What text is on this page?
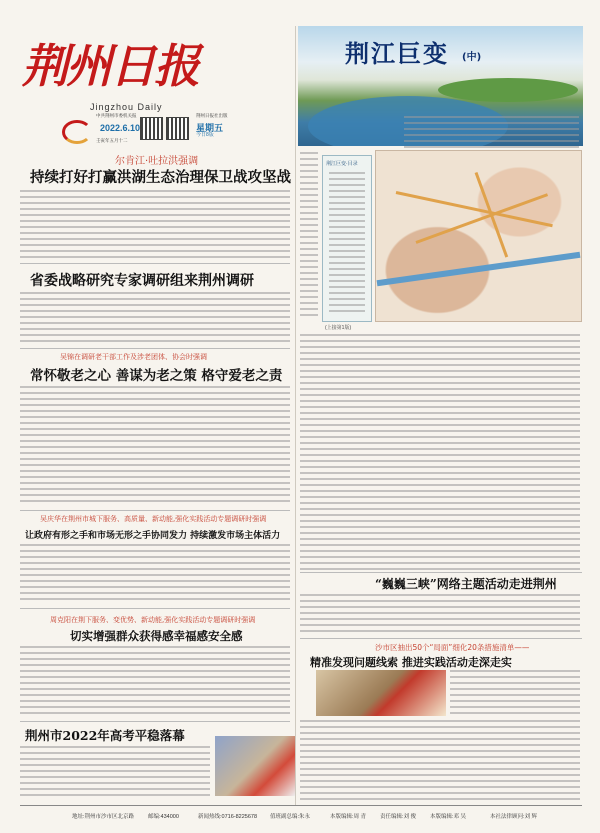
荆州日报
Jingzhou Daily
中共荆州市委机关报
壬寅年五月十二
2022.6.10
荆州日报社出版
星期五
今日8版
尔肯江·吐拉洪强调
持续打好打赢洪湖生态治理保卫战攻坚战
省委战略研究专家调研组来荆州调研
吴锦在调研老干部工作及涉老团体、协会时强调
常怀敬老之心 善谋为老之策 格守爱老之责
吴庆华在荆州市城下服务、高质量、新动能,强化实践活动专题调研时强调
让政府有形之手和市场无形之手协同发力 持续激发市场主体活力
周克阳在荆下服务、变优势、新动能,强化实践活动专题调研时强调
切实增强群众获得感幸福感安全感
荆州市2022年高考平稳落幕
荆江巨变 (中)
荆江巨变·目录
(上接第1版)
“巍巍三峡”网络主题活动走进荆州
沙市区抽出50个“局面”细化20条措施清单——
精准发现问题线索 推进实践活动走深走实
地址:荆州市沙市区北京路	邮编:434000	新闻热线:0716-8225678 值班副总编:朱永	本版编辑:周 青	责任编辑:刘 俊	本版编辑:邓 吴	本社法律顾问:刘 辉
